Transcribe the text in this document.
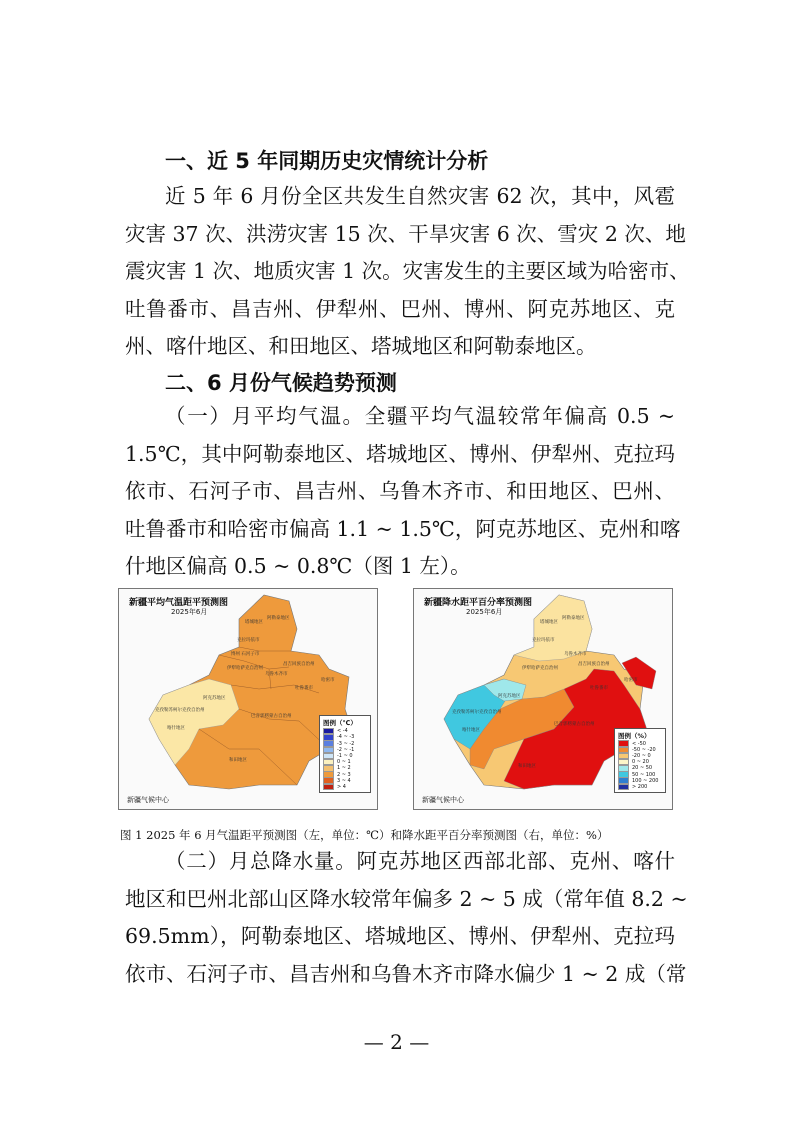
一、近 5 年同期历史灾情统计分析

近 5 年 6 月份全区共发生自然灾害 62 次，其中，风雹
灾害 37 次、洪涝灾害 15 次、干旱灾害 6 次、雪灾 2 次、地
震灾害 1 次、地质灾害 1 次。灾害发生的主要区域为哈密市、
吐鲁番市、昌吉州、伊犁州、巴州、博州、阿克苏地区、克
州、喀什地区、和田地区、塔城地区和阿勒泰地区。

二、6 月份气候趋势预测

（一）月平均气温。全疆平均气温较常年偏高 0.5 ~
1.5℃，其中阿勒泰地区、塔城地区、博州、伊犁州、克拉玛
依市、石河子市、昌吉州、乌鲁木齐市、和田地区、巴州、
吐鲁番市和哈密市偏高 1.1 ~ 1.5℃，阿克苏地区、克州和喀
什地区偏高 0.5 ~ 0.8℃（图 1 左）。

塔城地区
阿勒泰地区
克拉玛依市
博州 石河子市
昌吉回族自治州
伊犁哈萨克自治州
乌鲁木齐市
哈密市
吐鲁番市
阿克苏地区
克孜勒苏柯尔克孜自治州
喀什地区
巴音郭楞蒙古自治州
和田地区
新疆平均气温距平预测图
2025年6月
新疆气候中心
图例（℃）
< -4
-4 ~ -3
-3 ~ -2
-2 ~ -1
-1 ~ 0
0 ~ 1
1 ~ 2
2 ~ 3
3 ~ 4
> 4
塔城地区
阿勒泰地区
克拉玛依市
昌吉回族自治州
伊犁哈萨克自治州
乌鲁木齐市
哈密市
吐鲁番市
阿克苏地区
克孜勒苏柯尔克孜自治州
喀什地区
巴音郭楞蒙古自治州
和田地区
新疆降水距平百分率预测图
2025年6月
新疆气候中心
图例（%）
< -50
-50 ~ -20
-20 ~ 0
0 ~ 20
20 ~ 50
50 ~ 100
100 ~ 200
> 200
图 1 2025 年 6 月气温距平预测图（左，单位：℃）和降水距平百分率预测图（右，单位：%）

（二）月总降水量。阿克苏地区西部北部、克州、喀什
地区和巴州北部山区降水较常年偏多 2 ~ 5 成（常年值 8.2 ~
69.5mm），阿勒泰地区、塔城地区、博州、伊犁州、克拉玛
依市、石河子市、昌吉州和乌鲁木齐市降水偏少 1 ~ 2 成（常

— 2 —
